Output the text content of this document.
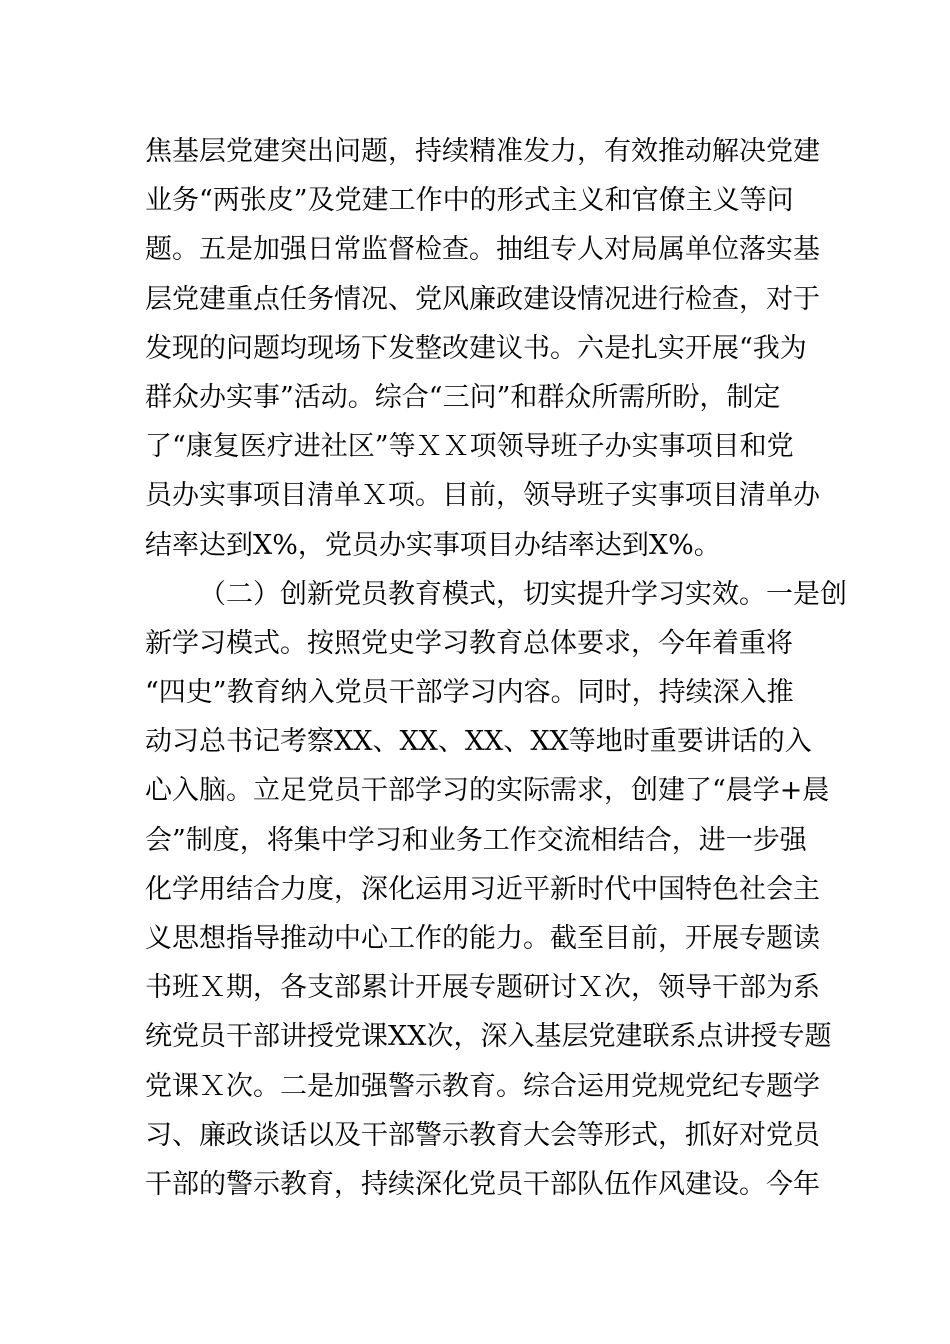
焦基层党建突出问题，持续精准发力，有效推动解决党建
业务“两张皮”及党建工作中的形式主义和官僚主义等问
题。五是加强日常监督检查。抽组专人对局属单位落实基
层党建重点任务情况、党风廉政建设情况进行检查，对于
发现的问题均现场下发整改建议书。六是扎实开展“我为
群众办实事”活动。综合“三问”和群众所需所盼，制定
了“康复医疗进社区”等ＸＸ项领导班子办实事项目和党
员办实事项目清单Ｘ项。目前，领导班子实事项目清单办
结率达到X%，党员办实事项目办结率达到X%。
（二）创新党员教育模式，切实提升学习实效。一是创
新学习模式。按照党史学习教育总体要求，今年着重将
“四史”教育纳入党员干部学习内容。同时，持续深入推
动习总书记考察XX、XX、XX、XX等地时重要讲话的入
心入脑。立足党员干部学习的实际需求，创建了“晨学+晨
会”制度，将集中学习和业务工作交流相结合，进一步强
化学用结合力度，深化运用习近平新时代中国特色社会主
义思想指导推动中心工作的能力。截至目前，开展专题读
书班Ｘ期，各支部累计开展专题研讨Ｘ次，领导干部为系
统党员干部讲授党课XX次，深入基层党建联系点讲授专题
党课Ｘ次。二是加强警示教育。综合运用党规党纪专题学
习、廉政谈话以及干部警示教育大会等形式，抓好对党员
干部的警示教育，持续深化党员干部队伍作风建设。今年
